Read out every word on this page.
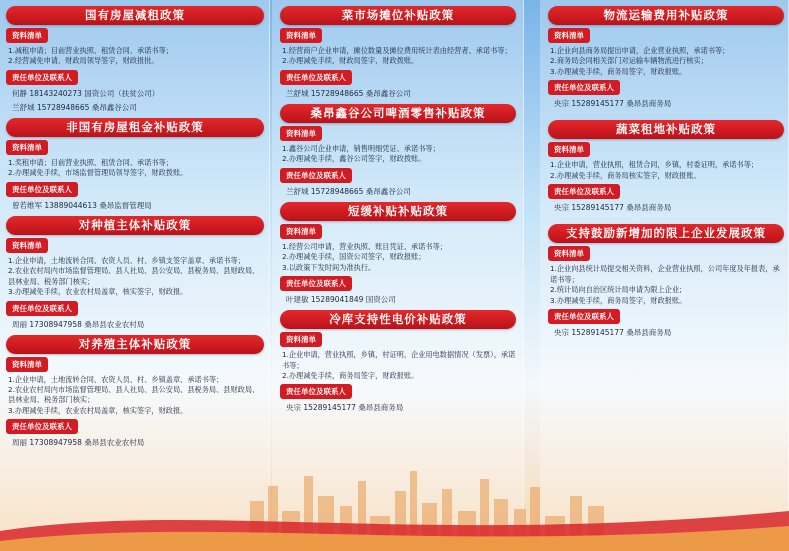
国有房屋减租政策
资料清单

1.减租申请；目前营业执照、租赁合同、承诺书等；

2.经营减免申请，财政局领导签字，财政报批。

责任单位及联系人
何静 18143240273 国资公司（扶贫公司）
兰舒城 15728948665 桑昂鑫谷公司
非国有房屋租金补贴政策
资料清单

1.奖租申请；目前营业执照、租赁合同、承诺书等；

2.办理减免手续，市场监督管理局领导签字，财政拨账。

责任单位及联系人
曾若维军 13889044613 桑昂监督管理局
对种植主体补贴政策
资料清单

1.企业申请，土地流转合同、农资人员、村、乡镇支签字盖章、承诺书等；

2.农业农村局内市场监督管理局、县人社局、县公安局、县税务局、县财政局、县林业局、税务部门核实；

3.办理减免手续，农业农村局盖章，核实签字，财政报。

责任单位及联系人
周丽 17308947958 桑昂县农业农村局
对养殖主体补贴政策
资料清单

1.企业申请，土地流转合同、农资人员、村、乡镇盖章、承诺书等；

2.农业农村局内市场监督管理局、县人社局、县公安局、县税务局、县财政局、县林业局、税务部门核实；

3.办理减免手续，农业农村局盖章，核实签字，财政报。

责任单位及联系人
周丽 17308947958 桑昂县农业农村局
菜市场摊位补贴政策
资料清单

1.经营商户企业申请，摊位数量及摊位费用统计表由经营者、承诺书等；

2.办理减免手续，财政局签字，财政拨账。

责任单位及联系人
兰舒城 15728948665 桑昂鑫谷公司
桑昂鑫谷公司啤酒零售补贴政策
资料清单

1.鑫谷公司企业申请，销售明细凭证、承诺书等；

2.办理减免手续，鑫谷公司签字，财政拨账。

责任单位及联系人
兰舒城 15728948665 桑昂鑫谷公司
短缓补贴补贴政策
资料清单

1.经营公司申请，营业执照、账目凭证、承诺书等；

2.办理减免手续，国资公司签字，财政报账；

3.以政策下发时间为准执行。

责任单位及联系人
叶建敏 15289041849 国资公司
冷库支持性电价补贴政策
资料清单

1.企业申请，营业执照，乡镇，村证明，企业用电数据情况（发票），承诺书等；

2.办理减免手续，商务局签字，财政报账。

责任单位及联系人
央宗 15289145177 桑昂县商务局
物流运输费用补贴政策
资料清单

1.企业向县商务局提出申请，企业营业执照，承诺书等；

2.商务局会同相关部门对运输车辆物流进行核实；

3.办理减免手续，商务局签字，财政报账。

责任单位及联系人
央宗 15289145177 桑昂县商务局
蔬菜租地补贴政策
资料清单

1.企业申请，营业执照，租赁合同，乡镇，村委证明，承诺书等；

2.办理减免手续，商务局核实签字，财政报账。

责任单位及联系人
央宗 15289145177 桑昂县商务局
支持鼓励新增加的限上企业发展政策
资料清单

1.企业向县统计局提交相关资料，企业营业执照，公司年度及年报表，承诺书等；

2.统计局向自治区统计局申请为限上企业；

3.办理减免手续，商务局签字，财政报账。

责任单位及联系人
央宗 15289145177 桑昂县商务局
